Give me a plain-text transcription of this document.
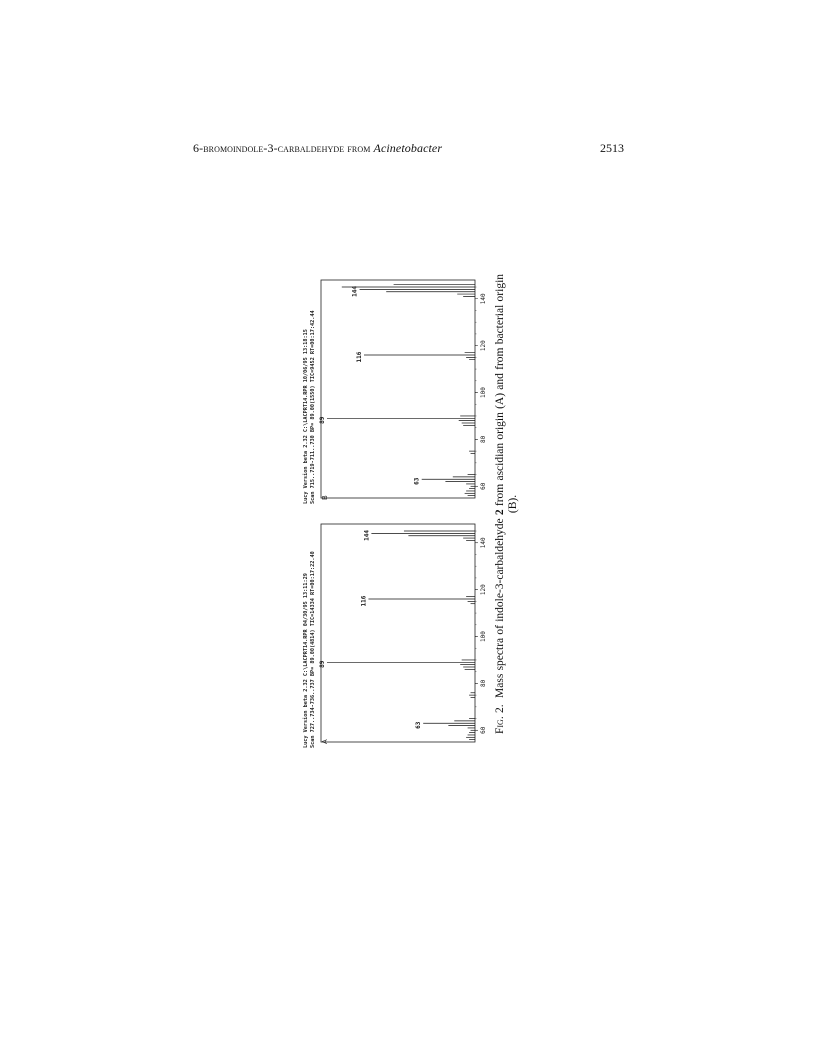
6-bromoindole-3-carbaldehyde from Acinetobacter	2513
Lucy Version beta 2.32 C:\LACPRT14.RPR 04/30/95 13:11:29 Scan 727..734-736..737 BP= 89.00(4814) TIC=14334 RT=00:17:22.40 A
60
80
100
120
140
63
89
116
144
Lucy Version beta 2.32 C:\LACPRT14.RPR 10/06/95 13:18:15 Scan 715..719-711..730 BP= 89.00(1550) TIC=9452 RT=00:17:42.44 B
60
80
100
120
140
63
89
116
144
Fig. 2.  Mass spectra of indole-3-carbaldehyde 2 from ascidian origin (A) and from bacterial origin (B).
